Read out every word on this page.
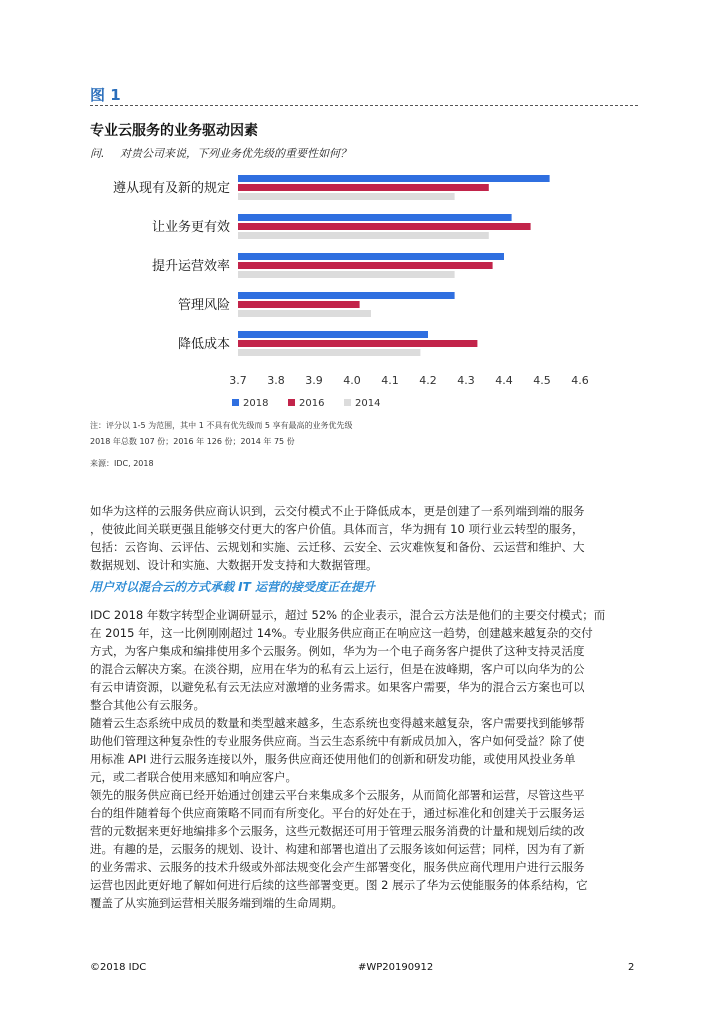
图 1
专业云服务的业务驱动因素
问. 对贵公司来说，下列业务优先级的重要性如何？
遵从现有及新的规定
让业务更有效
提升运营效率
管理风险
降低成本
3.7 3.8 3.9 4.0 4.1 4.2 4.3 4.4 4.5 4.6
2018	2016	2014
注：评分以 1-5 为范围，其中 1 不具有优先级而 5 享有最高的业务优先级
2018 年总数 107 份；2016 年 126 份；2014 年 75 份
来源：IDC, 2018
如华为这样的云服务供应商认识到，云交付模式不止于降低成本，更是创建了一系列端到端的服务
，使彼此间关联更强且能够交付更大的客户价值。具体而言，华为拥有 10 项行业云转型的服务，
包括：云咨询、云评估、云规划和实施、云迁移、云安全、云灾难恢复和备份、云运营和维护、大
数据规划、设计和实施、大数据开发支持和大数据管理。
用户对以混合云的方式承载 IT 运营的接受度正在提升
IDC 2018 年数字转型企业调研显示，超过 52% 的企业表示，混合云方法是他们的主要交付模式；而
在 2015 年，这一比例刚刚超过 14%。专业服务供应商正在响应这一趋势，创建越来越复杂的交付
方式，为客户集成和编排使用多个云服务。例如，华为为一个电子商务客户提供了这种支持灵活度
的混合云解决方案。在淡谷期，应用在华为的私有云上运行，但是在波峰期，客户可以向华为的公
有云申请资源，以避免私有云无法应对激增的业务需求。如果客户需要，华为的混合云方案也可以
整合其他公有云服务。
随着云生态系统中成员的数量和类型越来越多，生态系统也变得越来越复杂，客户需要找到能够帮
助他们管理这种复杂性的专业服务供应商。当云生态系统中有新成员加入，客户如何受益？除了使
用标准 API 进行云服务连接以外，服务供应商还使用他们的创新和研发功能，或使用风投业务单
元，或二者联合使用来感知和响应客户。
领先的服务供应商已经开始通过创建云平台来集成多个云服务，从而简化部署和运营，尽管这些平
台的组件随着每个供应商策略不同而有所变化。平台的好处在于，通过标准化和创建关于云服务运
营的元数据来更好地编排多个云服务，这些元数据还可用于管理云服务消费的计量和规划后续的改
进。有趣的是，云服务的规划、设计、构建和部署也道出了云服务该如何运营；同样，因为有了新
的业务需求、云服务的技术升级或外部法规变化会产生部署变化，服务供应商代理用户进行云服务
运营也因此更好地了解如何进行后续的这些部署变更。图 2 展示了华为云使能服务的体系结构，它
覆盖了从实施到运营相关服务端到端的生命周期。
©2018 IDC	#WP20190912	2
